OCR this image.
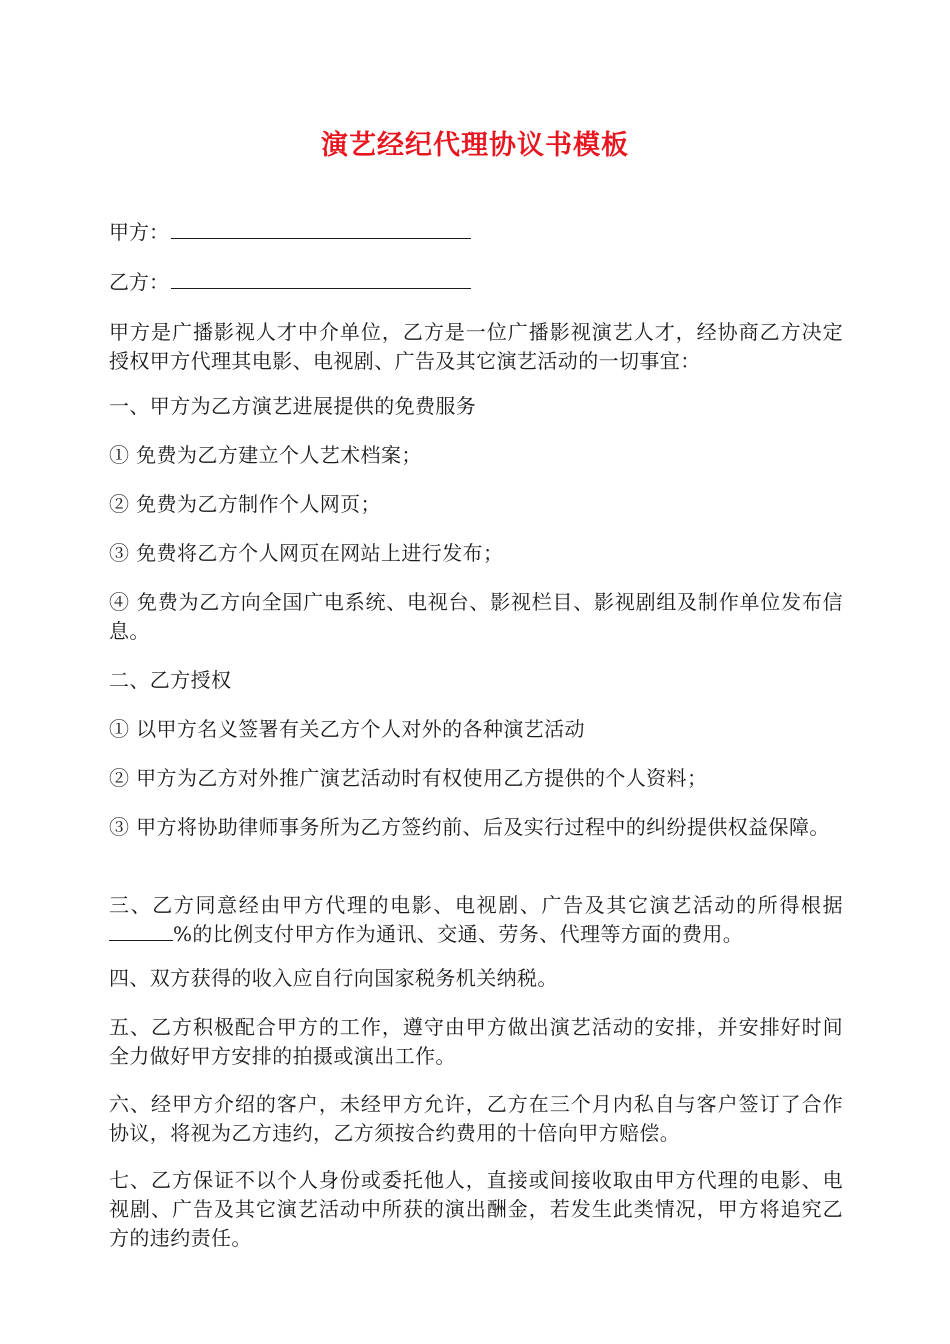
演艺经纪代理协议书模板
甲方：
乙方：
甲方是广播影视人才中介单位，乙方是一位广播影视演艺人才，经协商乙方决定授权甲方代理其电影、电视剧、广告及其它演艺活动的一切事宜：
一、甲方为乙方演艺进展提供的免费服务
① 免费为乙方建立个人艺术档案；
② 免费为乙方制作个人网页；
③ 免费将乙方个人网页在网站上进行发布；
④ 免费为乙方向全国广电系统、电视台、影视栏目、影视剧组及制作单位发布信息。
二、乙方授权
① 以甲方名义签署有关乙方个人对外的各种演艺活动
② 甲方为乙方对外推广演艺活动时有权使用乙方提供的个人资料；
③ 甲方将协助律师事务所为乙方签约前、后及实行过程中的纠纷提供权益保障。
三、乙方同意经由甲方代理的电影、电视剧、广告及其它演艺活动的所得根据%的比例支付甲方作为通讯、交通、劳务、代理等方面的费用。
四、双方获得的收入应自行向国家税务机关纳税。
五、乙方积极配合甲方的工作，遵守由甲方做出演艺活动的安排，并安排好时间全力做好甲方安排的拍摄或演出工作。
六、经甲方介绍的客户，未经甲方允许，乙方在三个月内私自与客户签订了合作协议，将视为乙方违约，乙方须按合约费用的十倍向甲方赔偿。
七、乙方保证不以个人身份或委托他人，直接或间接收取由甲方代理的电影、电视剧、广告及其它演艺活动中所获的演出酬金，若发生此类情况，甲方将追究乙方的违约责任。
